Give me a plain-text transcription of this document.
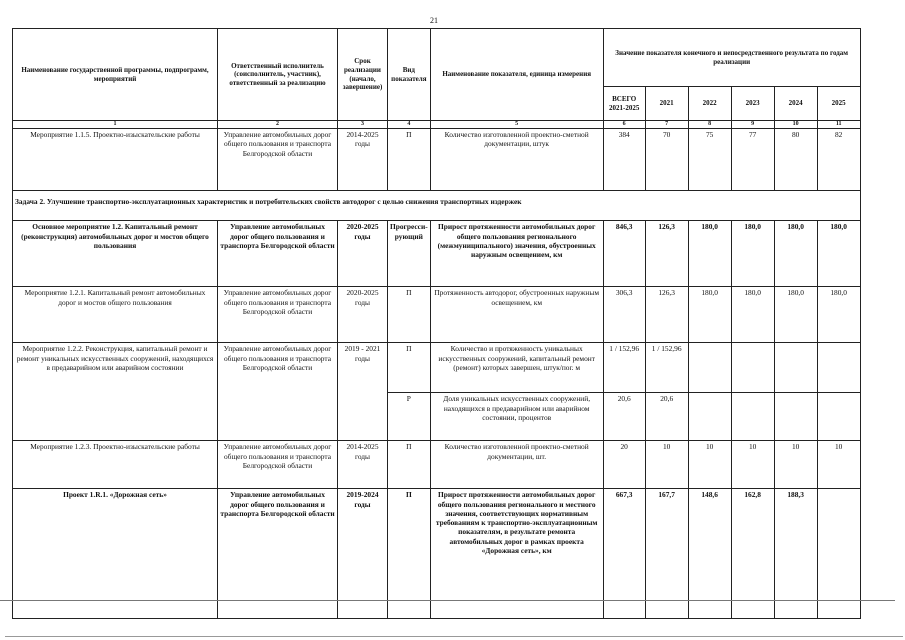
21
Наименование государственной программы, подпрограмм, мероприятий	Ответственный исполнитель (соисполнитель, участник), ответственный за реализацию	Срок реализации (начало, завершение)	Вид показателя	Наименование показателя, единица измерения	Значение показателя конечного и непосредственного результата по годам реализации					
					ВСЕГО 2021-2025	2021	2022	2023	2024	2025
1	2	3	4	5	6	7	8	9	10	11
Мероприятие 1.1.5. Проектно-изыскательские работы	Управление автомобильных дорог общего пользования и транспорта Белгородской области	2014-2025 годы	П	Количество изготовленной проектно-сметной документации, штук	384	70	75	77	80	82
Задача 2. Улучшение транспортно-эксплуатационных характеристик и потребительских свойств автодорог с целью снижения транспортных издержек										
Основное мероприятие 1.2. Капитальный ремонт (реконструкция) автомобильных дорог и мостов общего пользования	Управление автомобильных дорог общего пользования и транспорта Белгородской области	2020-2025 годы	Прогресси-рующий	Прирост протяженности автомобильных дорог общего пользования регионального (межмуниципального) значения, обустроенных наружным освещением, км	846,3	126,3	180,0	180,0	180,0	180,0
Мероприятие 1.2.1. Капитальный ремонт автомобильных дорог и мостов общего пользования	Управление автомобильных дорог общего пользования и транспорта Белгородской области	2020-2025 годы	П	Протяженность автодорог, обустроенных наружным освещением, км	306,3	126,3	180,0	180,0	180,0	180,0
Мероприятие 1.2.2. Реконструкция, капитальный ремонт и ремонт уникальных искусственных сооружений, находящихся в предаварийном или аварийном состоянии	Управление автомобильных дорог общего пользования и транспорта Белгородской области	2019 - 2021 годы	П	Количество и протяженность уникальных искусственных сооружений, капитальный ремонт (ремонт) которых завершен, штук/пог. м	1 / 152,96	1 / 152,96				
			Р	Доля уникальных искусственных сооружений, находящихся в предаварийном или аварийном состоянии, процентов	20,6	20,6				
Мероприятие 1.2.3. Проектно-изыскательские работы	Управление автомобильных дорог общего пользования и транспорта Белгородской области	2014-2025 годы	П	Количество изготовленной проектно-сметной документации, шт.	20	10	10	10	10	10
Проект 1.R.1. «Дорожная сеть»	Управление автомобильных дорог общего пользования и транспорта Белгородской области	2019-2024 годы	П	Прирост протяженности автомобильных дорог общего пользования регионального и местного значения, соответствующих нормативным требованиям к транспортно-эксплуатационным показателям, в результате ремонта автомобильных дорог в рамках проекта «Дорожная сеть», км	667,3	167,7	148,6	162,8	188,3	
